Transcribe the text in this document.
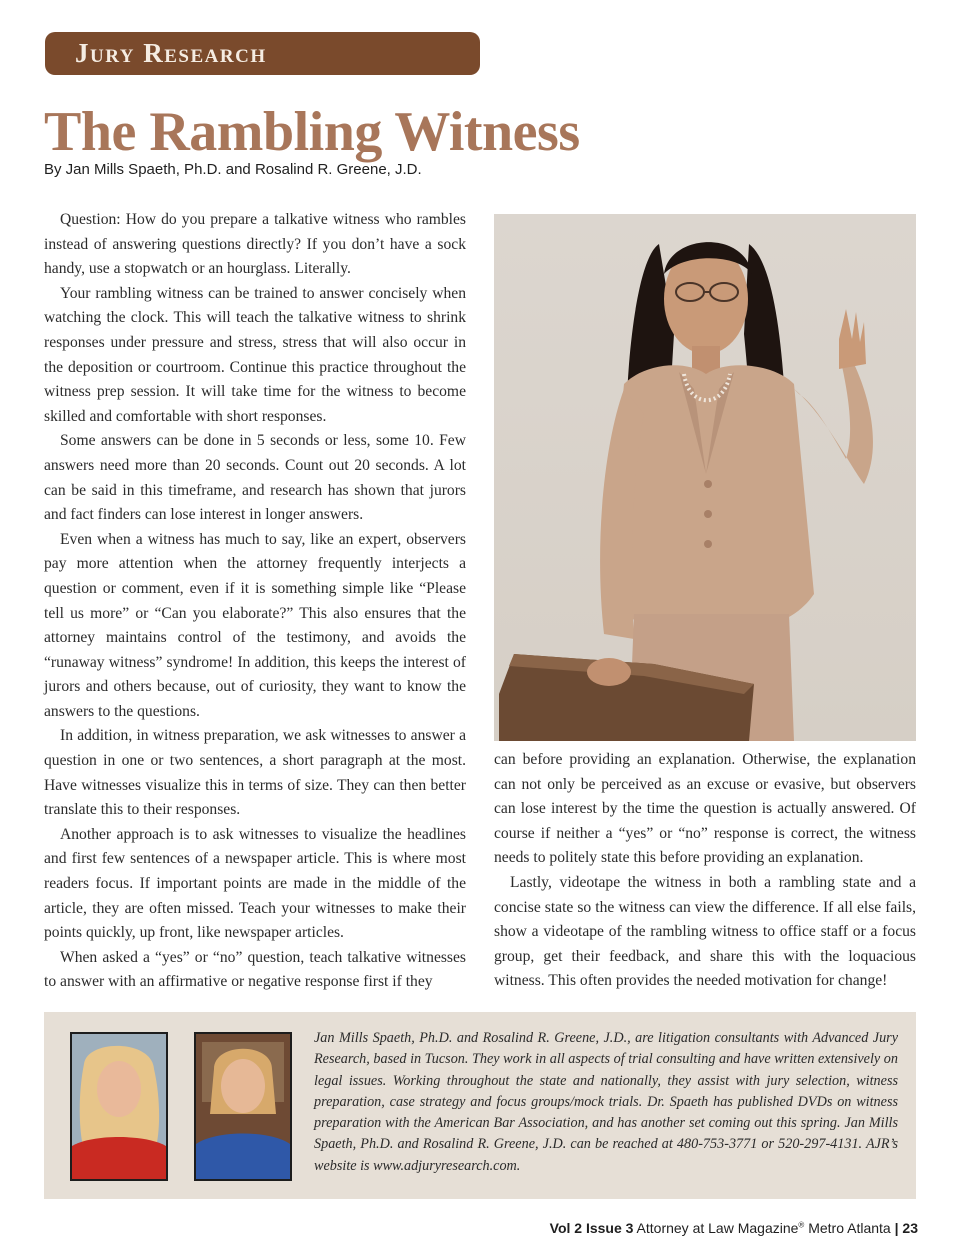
Jury Research
The Rambling Witness
By Jan Mills Spaeth, Ph.D. and Rosalind R. Greene, J.D.

Question: How do you prepare a talkative witness who rambles instead of answering questions directly? If you don’t have a sock handy, use a stopwatch or an hourglass. Literally.

Your rambling witness can be trained to answer concisely when watching the clock. This will teach the talkative witness to shrink responses under pressure and stress, stress that will also occur in the deposition or courtroom. Continue this practice throughout the witness prep session. It will take time for the witness to become skilled and comfortable with short responses.

Some answers can be done in 5 seconds or less, some 10. Few answers need more than 20 seconds. Count out 20 seconds. A lot can be said in this timeframe, and research has shown that jurors and fact finders can lose interest in longer answers.

Even when a witness has much to say, like an expert, observers pay more attention when the attorney frequently interjects a question or comment, even if it is something simple like “Please tell us more” or “Can you elaborate?” This also ensures that the attorney maintains control of the testimony, and avoids the “runaway witness” syndrome! In addition, this keeps the interest of jurors and others because, out of curiosity, they want to know the answers to the questions.

In addition, in witness preparation, we ask witnesses to answer a question in one or two sentences, a short paragraph at the most. Have witnesses visualize this in terms of size. They can then better translate this to their responses.

Another approach is to ask witnesses to visualize the headlines and first few sentences of a newspaper article. This is where most readers focus. If important points are made in the middle of the article, they are often missed. Teach your witnesses to make their points quickly, up front, like newspaper articles.

When asked a “yes” or “no” question, teach talkative witnesses to answer with an affirmative or negative response first if they

can before providing an explanation. Otherwise, the explanation can not only be perceived as an excuse or evasive, but observers can lose interest by the time the question is actually answered. Of course if neither a “yes” or “no” response is correct, the witness needs to politely state this before providing an explanation.

Lastly, videotape the witness in both a rambling state and a concise state so the witness can view the difference. If all else fails, show a videotape of the rambling witness to office staff or a focus group, get their feedback, and share this with the loquacious witness. This often provides the needed motivation for change!

Jan Mills Spaeth, Ph.D. and Rosalind R. Greene, J.D., are litigation consultants with Advanced Jury Research, based in Tucson. They work in all aspects of trial consulting and have written extensively on legal issues. Working throughout the state and nationally, they assist with jury selection, witness preparation, case strategy and focus groups/mock trials. Dr. Spaeth has published DVDs on witness preparation with the American Bar Association, and has another set coming out this spring. Jan Mills Spaeth, Ph.D. and Rosalind R. Greene, J.D. can be reached at 480-753-3771 or 520-297-4131. AJR’s website is www.adjuryresearch.com.
Vol 2 Issue 3 Attorney at Law Magazine® Metro Atlanta | 23
